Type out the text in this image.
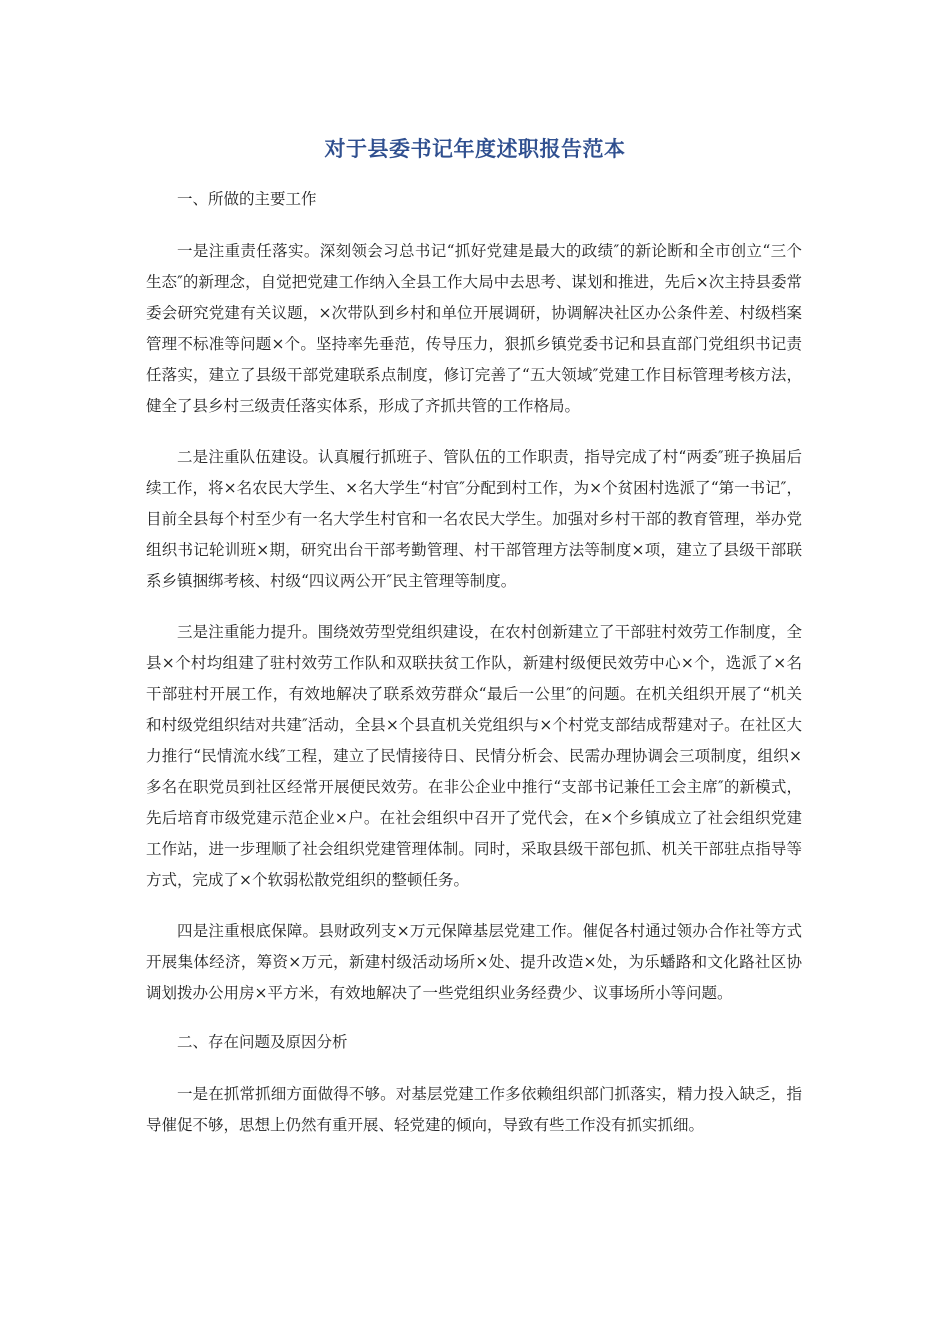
对于县委书记年度述职报告范本

一、所做的主要工作

一是注重责任落实。深刻领会习总书记“抓好党建是最大的政绩″的新论断和全市创立“三个生态″的新理念，自觉把党建工作纳入全县工作大局中去思考、谋划和推进，先后×次主持县委常委会研究党建有关议题，×次带队到乡村和单位开展调研，协调解决社区办公条件差、村级档案管理不标准等问题×个。坚持率先垂范，传导压力，狠抓乡镇党委书记和县直部门党组织书记责任落实，建立了县级干部党建联系点制度，修订完善了“五大领域″党建工作目标管理考核方法，健全了县乡村三级责任落实体系，形成了齐抓共管的工作格局。

二是注重队伍建设。认真履行抓班子、管队伍的工作职责，指导完成了村“两委″班子换届后续工作，将×名农民大学生、×名大学生“村官″分配到村工作，为×个贫困村选派了“第一书记″，目前全县每个村至少有一名大学生村官和一名农民大学生。加强对乡村干部的教育管理，举办党组织书记轮训班×期，研究出台干部考勤管理、村干部管理方法等制度×项，建立了县级干部联系乡镇捆绑考核、村级“四议两公开″民主管理等制度。

三是注重能力提升。围绕效劳型党组织建设，在农村创新建立了干部驻村效劳工作制度，全县×个村均组建了驻村效劳工作队和双联扶贫工作队，新建村级便民效劳中心×个，选派了×名干部驻村开展工作，有效地解决了联系效劳群众“最后一公里″的问题。在机关组织开展了“机关和村级党组织结对共建″活动，全县×个县直机关党组织与×个村党支部结成帮建对子。在社区大力推行“民情流水线″工程，建立了民情接待日、民情分析会、民需办理协调会三项制度，组织×多名在职党员到社区经常开展便民效劳。在非公企业中推行“支部书记兼任工会主席″的新模式，先后培育市级党建示范企业×户。在社会组织中召开了党代会，在×个乡镇成立了社会组织党建工作站，进一步理顺了社会组织党建管理体制。同时，采取县级干部包抓、机关干部驻点指导等方式，完成了×个软弱松散党组织的整顿任务。

四是注重根底保障。县财政列支×万元保障基层党建工作。催促各村通过领办合作社等方式开展集体经济，筹资×万元，新建村级活动场所×处、提升改造×处，为乐蟠路和文化路社区协调划拨办公用房×平方米，有效地解决了一些党组织业务经费少、议事场所小等问题。

二、存在问题及原因分析

一是在抓常抓细方面做得不够。对基层党建工作多依赖组织部门抓落实，精力投入缺乏，指导催促不够，思想上仍然有重开展、轻党建的倾向，导致有些工作没有抓实抓细。
